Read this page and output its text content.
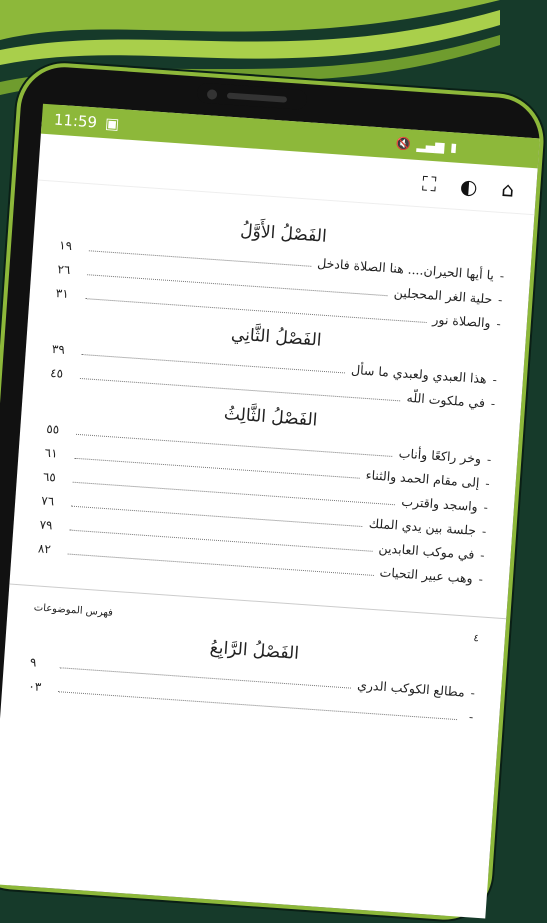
11:59 ▣
🔇 ▂▄▆ ▮
⛶ ◐ ⌂
الفَصْلُ الأَوَّلُ
-
يا أيها الحيران.... هنا الصلاة فادخل
١٩
-
حلية الغر المحجلين
٢٦
-
والصلاة نور
٣١
الفَصْلُ الثَّانِي
-
هذا العبدي ولعبدي ما سأل
٣٩
-
في ملكوت اللّه
٤٥
الفَصْلُ الثَّالِثُ
-
وخر راكعًا وأناب
٥٥
-
إلى مقام الحمد والثناء
٦١
-
واسجد واقترب
٦٥
-
جلسة بين يدي الملك
٧٦
-
في موكب العابدين
٧٩
-
وهب عبير التحيات
٨٢
٤
فهرس الموضوعات
الفَصْلُ الرَّابِعُ
-
مطالع الكوكب الدري
٩
-
٠٣
